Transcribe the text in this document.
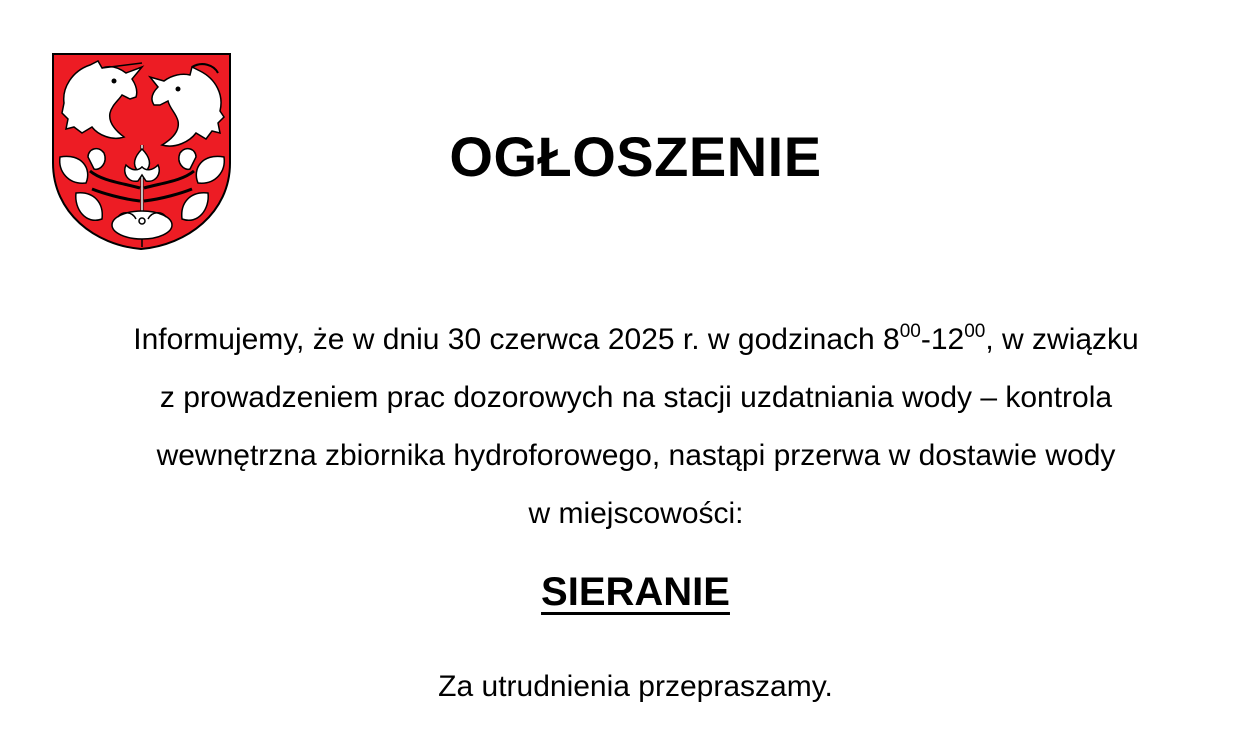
OGŁOSZENIE
Informujemy, że w dniu 30 czerwca 2025 r. w godzinach $8^{00}-12^{00}$, w związku
z prowadzeniem prac dozorowych na stacji uzdatniania wody – kontrola
wewnętrzna zbiornika hydroforowego, nastąpi przerwa w dostawie wody
w miejscowości:
SIERANIE
Za utrudnienia przepraszamy.
